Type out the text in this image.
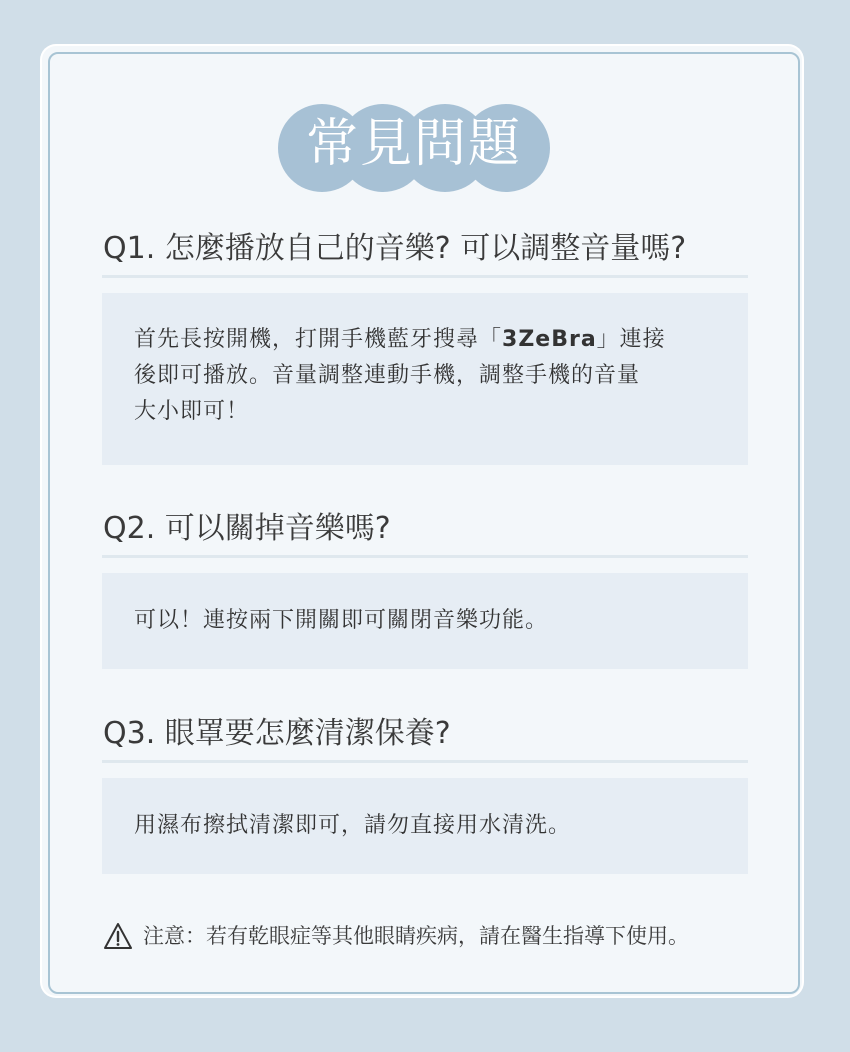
常見問題
Q1. 怎麼播放自己的音樂? 可以調整音量嗎?
首先長按開機，打開手機藍牙搜尋「3ZeBra」連接
後即可播放。音量調整連動手機，調整手機的音量
大小即可！
Q2. 可以關掉音樂嗎?
可以！連按兩下開關即可關閉音樂功能。
Q3. 眼罩要怎麼清潔保養?
用濕布擦拭清潔即可，請勿直接用水清洗。
注意：若有乾眼症等其他眼睛疾病，請在醫生指導下使用。
